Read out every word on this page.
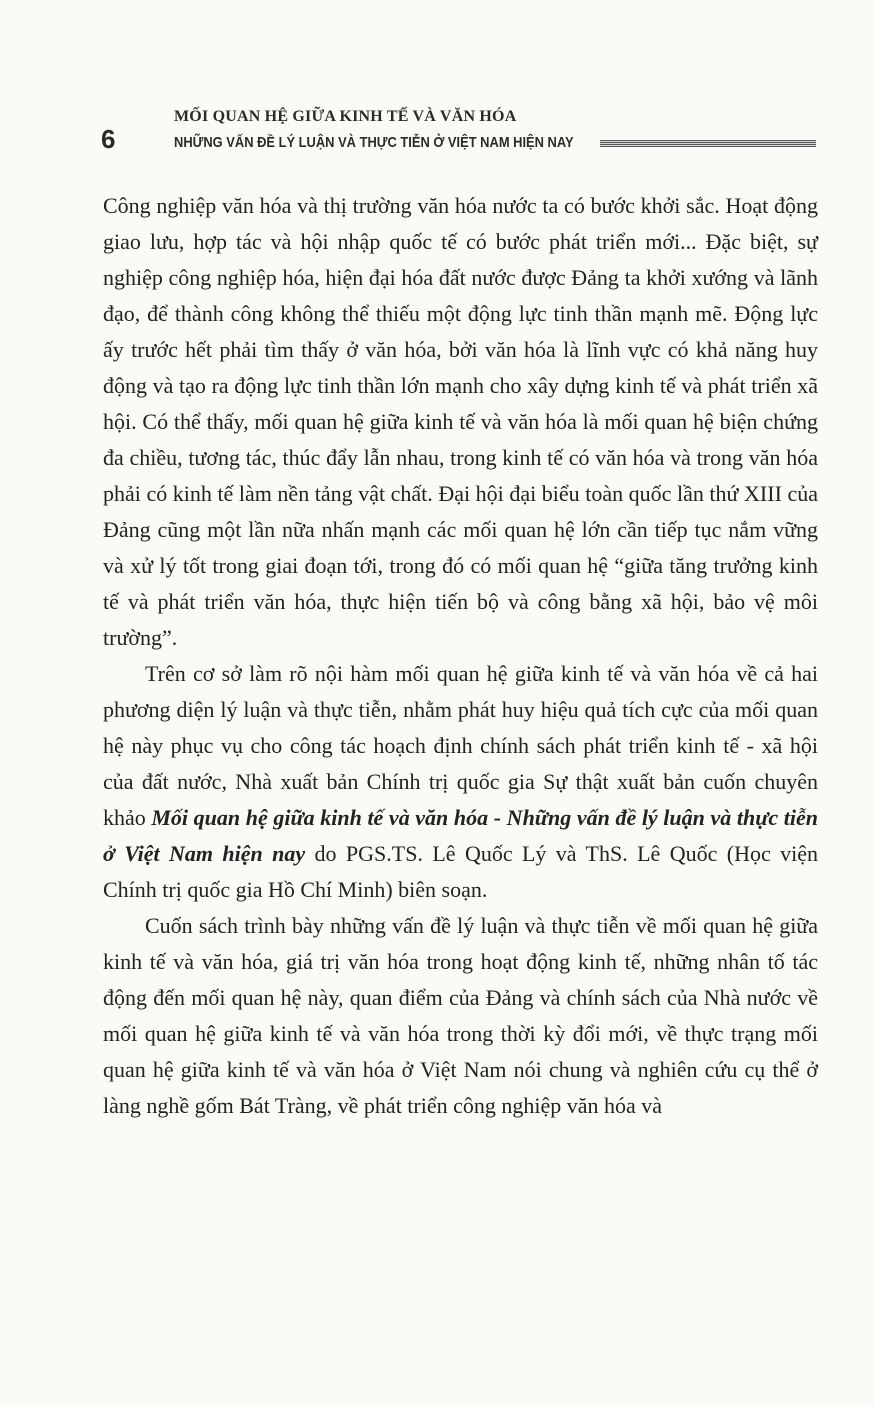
6
MỐI QUAN HỆ GIỮA KINH TẾ VÀ VĂN HÓA
NHỮNG VẤN ĐỀ LÝ LUẬN VÀ THỰC TIỄN Ở VIỆT NAM HIỆN NAY

Công nghiệp văn hóa và thị trường văn hóa nước ta có bước khởi sắc. Hoạt động giao lưu, hợp tác và hội nhập quốc tế có bước phát triển mới... Đặc biệt, sự nghiệp công nghiệp hóa, hiện đại hóa đất nước được Đảng ta khởi xướng và lãnh đạo, để thành công không thể thiếu một động lực tinh thần mạnh mẽ. Động lực ấy trước hết phải tìm thấy ở văn hóa, bởi văn hóa là lĩnh vực có khả năng huy động và tạo ra động lực tinh thần lớn mạnh cho xây dựng kinh tế và phát triển xã hội. Có thể thấy, mối quan hệ giữa kinh tế và văn hóa là mối quan hệ biện chứng đa chiều, tương tác, thúc đẩy lẫn nhau, trong kinh tế có văn hóa và trong văn hóa phải có kinh tế làm nền tảng vật chất. Đại hội đại biểu toàn quốc lần thứ XIII của Đảng cũng một lần nữa nhấn mạnh các mối quan hệ lớn cần tiếp tục nắm vững và xử lý tốt trong giai đoạn tới, trong đó có mối quan hệ “giữa tăng trưởng kinh tế và phát triển văn hóa, thực hiện tiến bộ và công bằng xã hội, bảo vệ môi trường”.

Trên cơ sở làm rõ nội hàm mối quan hệ giữa kinh tế và văn hóa về cả hai phương diện lý luận và thực tiễn, nhằm phát huy hiệu quả tích cực của mối quan hệ này phục vụ cho công tác hoạch định chính sách phát triển kinh tế - xã hội của đất nước, Nhà xuất bản Chính trị quốc gia Sự thật xuất bản cuốn chuyên khảo Mối quan hệ giữa kinh tế và văn hóa - Những vấn đề lý luận và thực tiễn ở Việt Nam hiện nay do PGS.TS. Lê Quốc Lý và ThS. Lê Quốc (Học viện Chính trị quốc gia Hồ Chí Minh) biên soạn.

Cuốn sách trình bày những vấn đề lý luận và thực tiễn về mối quan hệ giữa kinh tế và văn hóa, giá trị văn hóa trong hoạt động kinh tế, những nhân tố tác động đến mối quan hệ này, quan điểm của Đảng và chính sách của Nhà nước về mối quan hệ giữa kinh tế và văn hóa trong thời kỳ đổi mới, về thực trạng mối quan hệ giữa kinh tế và văn hóa ở Việt Nam nói chung và nghiên cứu cụ thể ở làng nghề gốm Bát Tràng, về phát triển công nghiệp văn hóa và
